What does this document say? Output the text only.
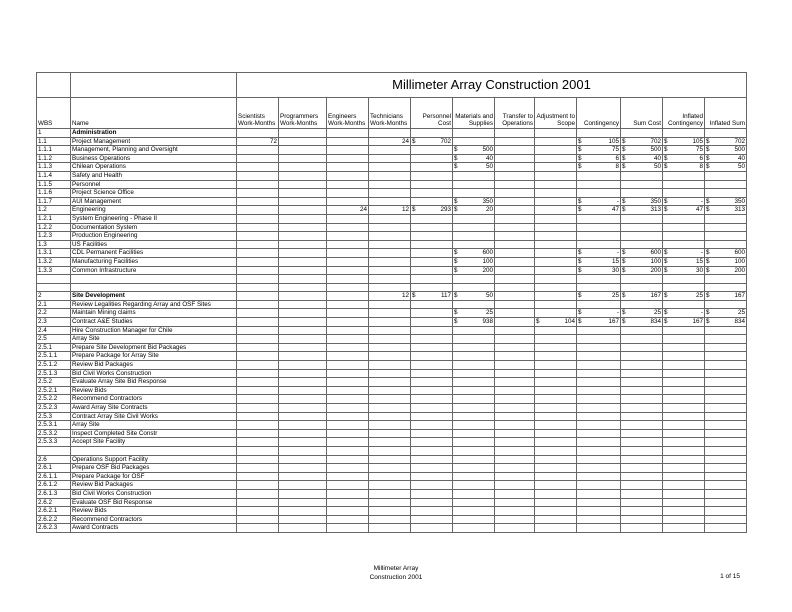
		Millimeter Array Construction 2001											
WBS	Name	Scientists Work-Months	Programmers Work-Months	Engineers Work-Months	Technicians Work-Months	Personnel Cost	Materials and Supplies	Transfer to Operations	Adjustment to Scope	Contingency	Sum Cost	Inflated Contingency	Inflated Sum
1	Administration												
1.1	Project Management	72			24	$ 702				$ 105	$ 702	$ 105	$ 702

1.1.1	Management, Planning and Oversight						$ 500			$ 75	$ 500	$ 75	$ 500

1.1.2	Business Operations						$ 40			$ 6	$ 40	$ 6	$ 40

1.1.3	Chilean Operations						$ 50			$ 8	$ 50	$ 8	$ 50

1.1.4	Safety and Health												
1.1.5	Personnel												
1.1.6	Project Science Office												
1.1.7	AUI Management						$ 350			$ -	$ 350	$ -	$ 350

1.2	Engineering			24	12	$ 293	$ 20			$ 47	$ 313	$ 47	$ 313

1.2.1	System Engineering - Phase II												
1.2.2	Documentation System												
1.2.3	Production Engineering												
1.3	US Facilities												
1.3.1	CDL Permanent Facilities						$ 600			$ -	$ 600	$ -	$ 600

1.3.2	Manufacturing Facilities						$ 100			$ 15	$ 100	$ 15	$ 100

1.3.3	Common Infrastructure						$ 200			$ 30	$ 200	$ 30	$ 200

2	Site Development				12	$ 117	$ 50			$ 25	$ 167	$ 25	$ 167

2.1	Review Legalities Regarding Array and OSF Sites												
2.2	Maintain Mining claims						$ 25			$ -	$ 25	$ -	$ 25

2.3	Contract A&E Studies						$ 938		$ 104	$ 167	$ 834	$ 167	$ 834

2.4	Hire Construction Manager for Chile												
2.5	Array Site												
2.5.1	Prepare Site Development Bid Packages												
2.5.1.1	Prepare Package for Array Site												
2.5.1.2	Review Bid Packages												
2.5.1.3	Bid Civil Works Construction												
2.5.2	Evaluate Array Site Bid Response												
2.5.2.1	Review Bids												
2.5.2.2	Recommend Contractors												
2.5.2.3	Award Array Site Contracts												
2.5.3	Contract Array Site Civil Works												
2.5.3.1	Array Site												
2.5.3.2	Inspect Completed Site Constr												
2.5.3.3	Accept Site Facility												

2.6	Operations Support Facility												
2.6.1	Prepare OSF Bid Packages												
2.6.1.1	Prepare Package for OSF												
2.6.1.2	Review Bid Packages												
2.6.1.3	Bid Civil Works Construction												
2.6.2	Evaluate OSF Bid Response												
2.6.2.1	Review Bids												
2.6.2.2	Recommend Contractors												
2.6.2.3	Award Contracts												
Millimeter Array
Construction 2001	1 of 15
